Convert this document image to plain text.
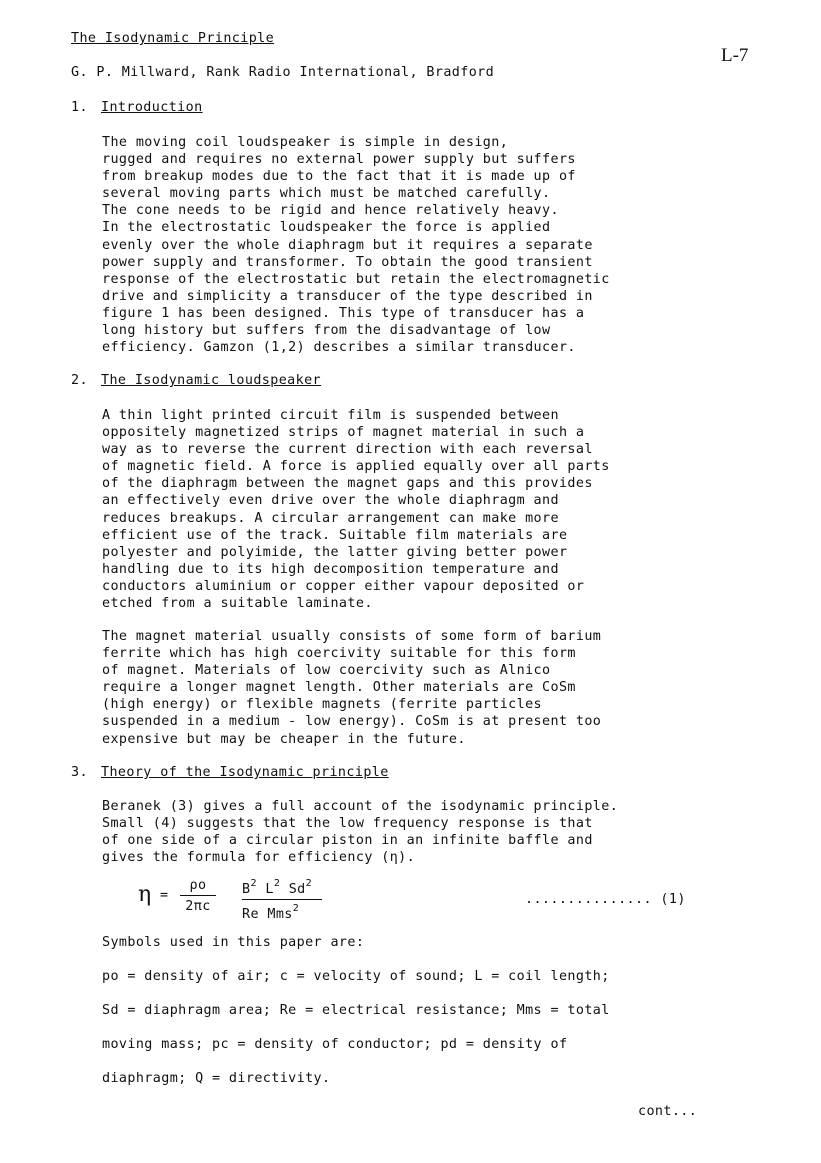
The Isodynamic Principle
L-7
G. P. Millward, Rank Radio International, Bradford
1. Introduction
The moving coil loudspeaker is simple in design,
rugged and requires no external power supply but suffers
from breakup modes due to the fact that it is made up of
several moving parts which must be matched carefully.
The cone needs to be rigid and hence relatively heavy.
In the electrostatic loudspeaker the force is applied
evenly over the whole diaphragm but it requires a separate
power supply and transformer. To obtain the good transient
response of the electrostatic but retain the electromagnetic
drive and simplicity a transducer of the type described in
figure 1 has been designed. This type of transducer has a
long history but suffers from the disadvantage of low
efficiency. Gamzon (1,2) describes a similar transducer.
2. The Isodynamic loudspeaker
A thin light printed circuit film is suspended between
oppositely magnetized strips of magnet material in such a
way as to reverse the current direction with each reversal
of magnetic field. A force is applied equally over all parts
of the diaphragm between the magnet gaps and this provides
an effectively even drive over the whole diaphragm and
reduces breakups. A circular arrangement can make more
efficient use of the track. Suitable film materials are
polyester and polyimide, the latter giving better power
handling due to its high decomposition temperature and
conductors aluminium or copper either vapour deposited or
etched from a suitable laminate.
The magnet material usually consists of some form of barium
ferrite which has high coercivity suitable for this form
of magnet. Materials of low coercivity such as Alnico
require a longer magnet length. Other materials are CoSm
(high energy) or flexible magnets (ferrite particles
suspended in a medium - low energy). CoSm is at present too
expensive but may be cheaper in the future.
3. Theory of the Isodynamic principle
Beranek (3) gives a full account of the isodynamic principle.
Small (4) suggests that the low frequency response is that
of one side of a circular piston in an infinite baffle and
gives the formula for efficiency (η).
$\eta = \frac{\rho o}{2\pi c} B^2$ $L^2$ Sd$^2$
Re Mms$^2$
............... (1)
Symbols used in this paper are:
po = density of air; c = velocity of sound; L = coil length;
Sd = diaphragm area; Re = electrical resistance; Mms = total
moving mass; pc = density of conductor; pd = density of
diaphragm; Q = directivity.
cont...
